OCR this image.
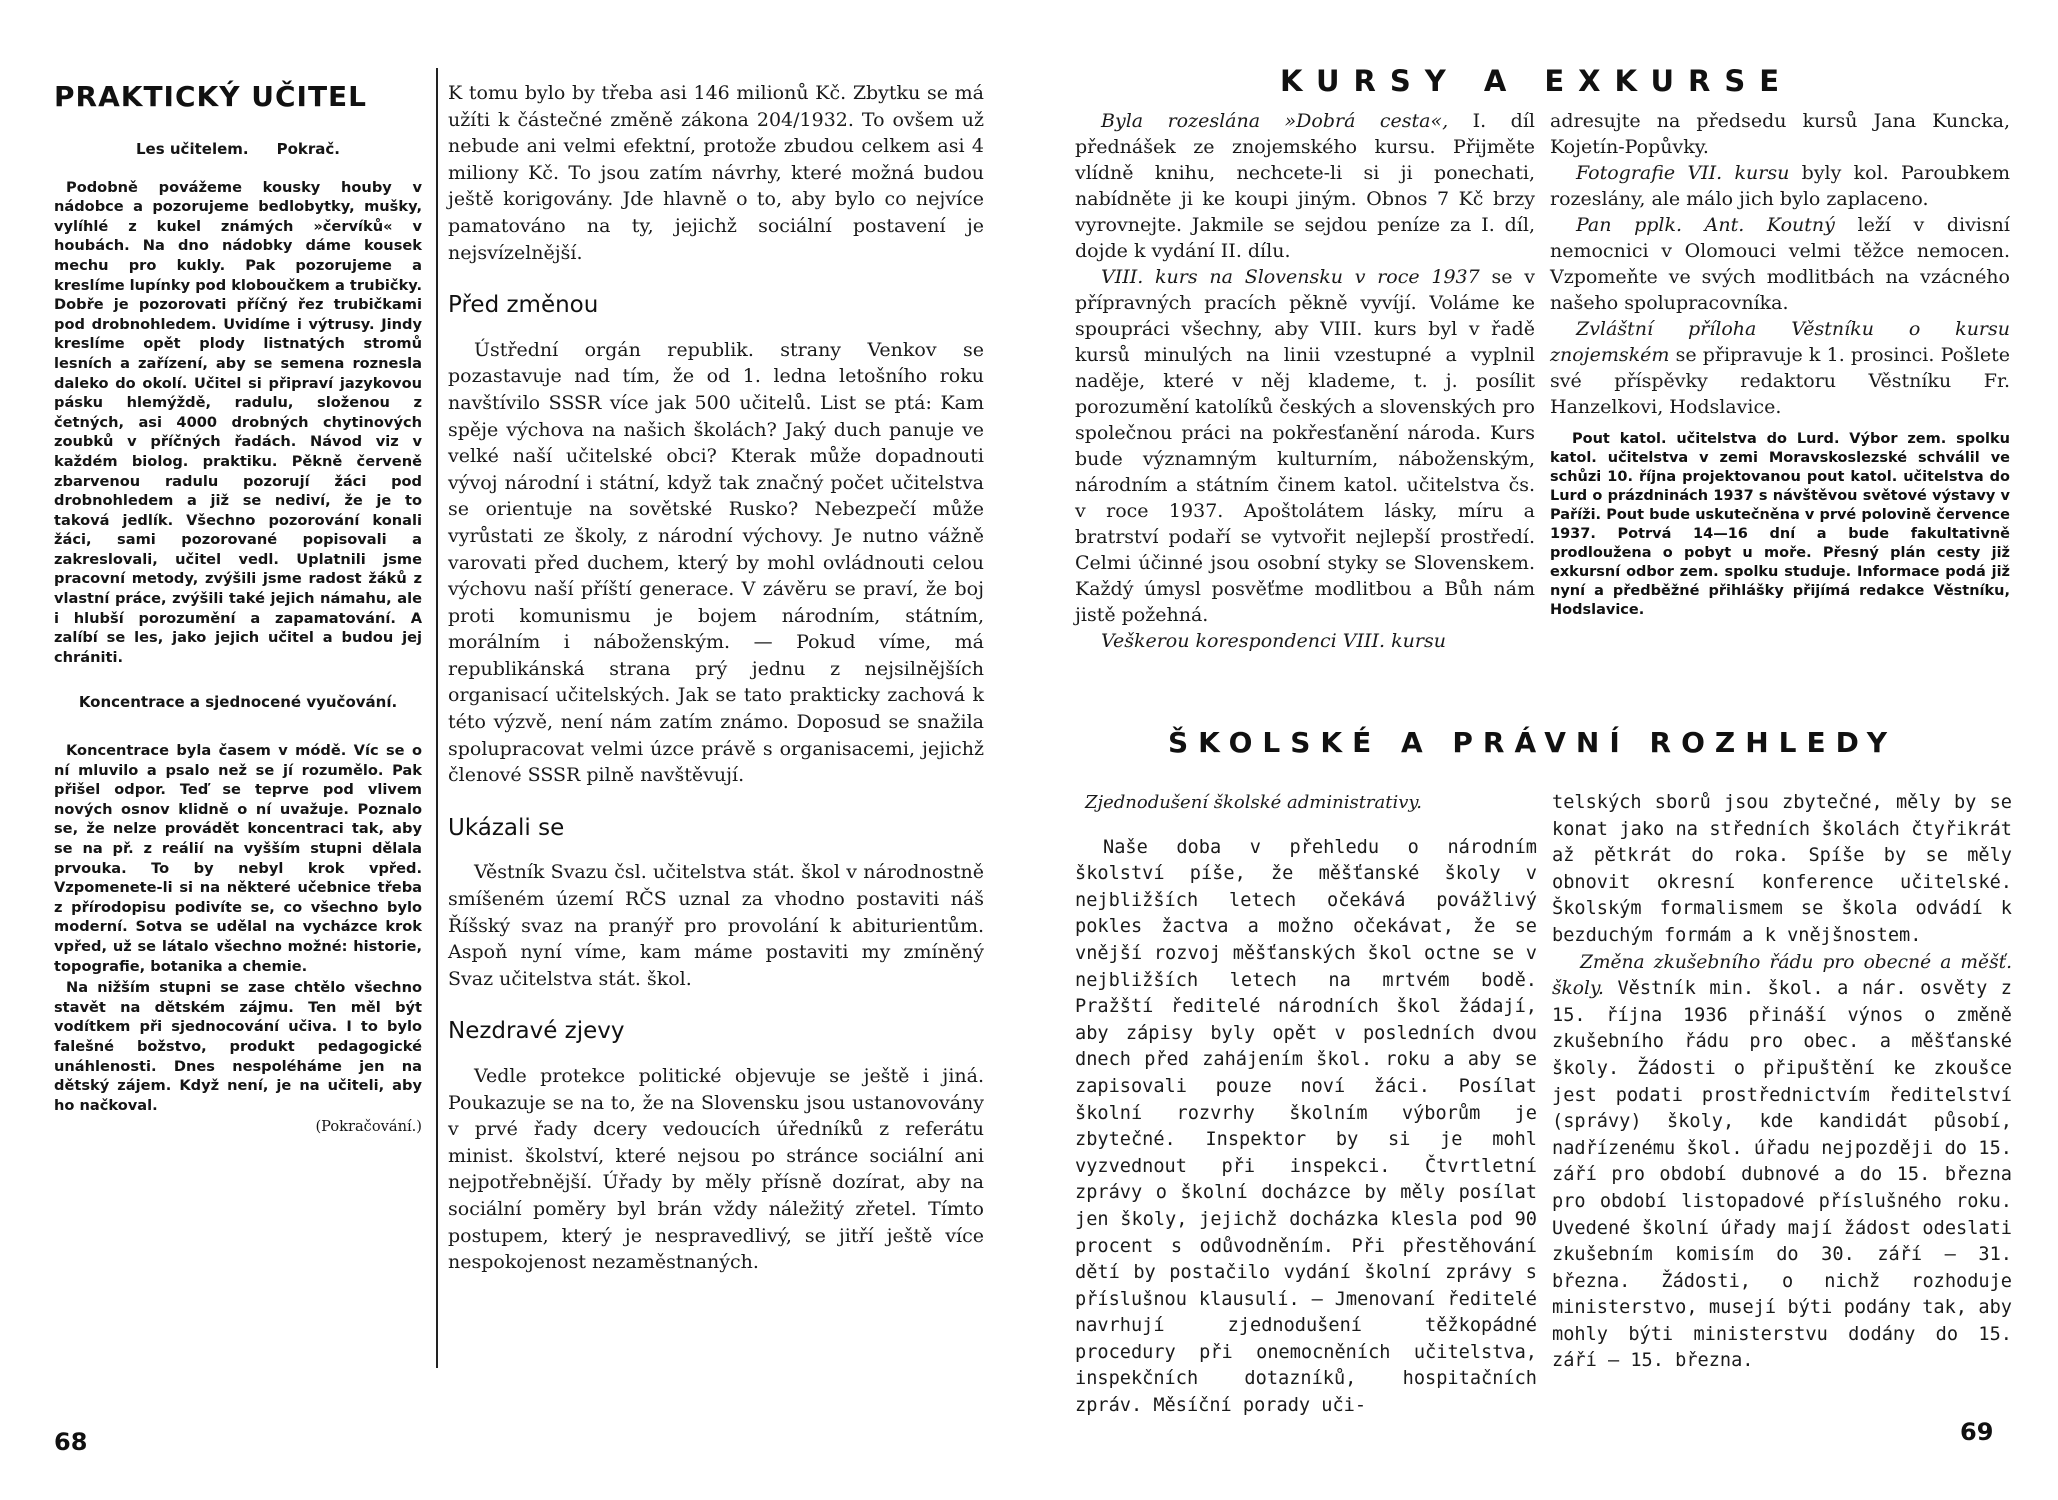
PRAKTICKÝ UČITEL
Les učitelem. Pokrač.

Podobně povážeme kousky houby v nádobce a pozorujeme bedlobytky, mušky, vylíhlé z kukel známých »červíků« v houbách. Na dno nádobky dáme kousek mechu pro kukly. Pak pozorujeme a kreslíme lupínky pod kloboučkem a trubičky. Dobře je pozorovati příčný řez trubičkami pod drobnohledem. Uvidíme i výtrusy. Jindy kreslíme opět plody listnatých stromů lesních a zařízení, aby se semena roznesla daleko do okolí. Učitel si připraví jazykovou pásku hlemýždě, radulu, složenou z četných, asi 4000 drobných chytinových zoubků v příčných řadách. Návod viz v každém biolog. praktiku. Pěkně červeně zbarvenou radulu pozorují žáci pod drobnohledem a již se nediví, že je to taková jedlík. Všechno pozorování konali žáci, sami pozorované popisovali a zakreslovali, učitel vedl. Uplatnili jsme pracovní metody, zvýšili jsme radost žáků z vlastní práce, zvýšili také jejich námahu, ale i hlubší porozumění a zapamatování. A zalíbí se les, jako jejich učitel a budou jej chrániti.

Koncentrace a sjednocené vyučování.

Koncentrace byla časem v módě. Víc se o ní mluvilo a psalo než se jí rozumělo. Pak přišel odpor. Teď se teprve pod vlivem nových osnov klidně o ní uvažuje. Poznalo se, že nelze provádět koncentraci tak, aby se na př. z reálií na vyšším stupni dělala prvouka. To by nebyl krok vpřed. Vzpomenete-li si na některé učebnice třeba z přírodopisu podivíte se, co všechno bylo moderní. Sotva se udělal na vycházce krok vpřed, už se látalo všechno možné: historie, topografie, botanika a chemie.

Na nižším stupni se zase chtělo všechno stavět na dětském zájmu. Ten měl být vodítkem při sjednocování učiva. I to bylo falešné božstvo, produkt pedagogické unáhlenosti. Dnes nespoléháme jen na dětský zájem. Když není, je na učiteli, aby ho načkoval.

(Pokračování.)

K tomu bylo by třeba asi 146 milionů Kč. Zbytku se má užíti k částečné změně zákona 204/1932. To ovšem už nebude ani velmi efektní, protože zbudou celkem asi 4 miliony Kč. To jsou zatím návrhy, které možná budou ještě korigovány. Jde hlavně o to, aby bylo co nejvíce pamatováno na ty, jejichž sociální postavení je nejsvízelnější.

Před změnou

Ústřední orgán republik. strany Venkov se pozastavuje nad tím, že od 1. ledna letošního roku navštívilo SSSR více jak 500 učitelů. List se ptá: Kam spěje výchova na našich školách? Jaký duch panuje ve velké naší učitelské obci? Kterak může dopadnouti vývoj národní i státní, když tak značný počet učitelstva se orientuje na sovětské Rusko? Nebezpečí může vyrůstati ze školy, z národní výchovy. Je nutno vážně varovati před duchem, který by mohl ovládnouti celou výchovu naší příští generace. V závěru se praví, že boj proti komunismu je bojem národním, státním, morálním i náboženským. — Pokud víme, má republikánská strana prý jednu z nejsilnějších organisací učitelských. Jak se tato prakticky zachová k této výzvě, není nám zatím známo. Doposud se snažila spolupracovat velmi úzce právě s organisacemi, jejichž členové SSSR pilně navštěvují.

Ukázali se

Věstník Svazu čsl. učitelstva stát. škol v národnostně smíšeném území RČS uznal za vhodno postaviti náš Říšský svaz na pranýř pro provolání k abiturientům. Aspoň nyní víme, kam máme postaviti my zmíněný Svaz učitelstva stát. škol.

Nezdravé zjevy

Vedle protekce politické objevuje se ještě i jiná. Poukazuje se na to, že na Slovensku jsou ustanovovány v prvé řady dcery vedoucích úředníků z referátu minist. školství, které nejsou po stránce sociální ani nejpotřebnější. Úřady by měly přísně dozírat, aby na sociální poměry byl brán vždy náležitý zřetel. Tímto postupem, který je nespravedlivý, se jitří ještě více nespokojenost nezaměstnaných.

68
KURSY A EXKURSE

Byla rozeslána »Dobrá cesta«, I. díl přednášek ze znojemského kursu. Přijměte vlídně knihu, nechcete-li si ji ponechati, nabídněte ji ke koupi jiným. Obnos 7 Kč brzy vyrovnejte. Jakmile se sejdou peníze za I. díl, dojde k vydání II. dílu.

VIII. kurs na Slovensku v roce 1937 se v přípravných pracích pěkně vyvíjí. Voláme ke spoupráci všechny, aby VIII. kurs byl v řadě kursů minulých na linii vzestupné a vyplnil naděje, které v něj klademe, t. j. posílit porozumění katolíků českých a slovenských pro společnou práci na pokřesťanění národa. Kurs bude významným kulturním, náboženským, národním a státním činem katol. učitelstva čs. v roce 1937. Apoštolátem lásky, míru a bratrství podaří se vytvořit nejlepší prostředí. Celmi účinné jsou osobní styky se Slovenskem. Každý úmysl posvěťme modlitbou a Bůh nám jistě požehná.

Veškerou korespondenci VIII. kursu

adresujte na předsedu kursů Jana Kuncka, Kojetín-Popůvky.

Fotografie VII. kursu byly kol. Paroubkem rozeslány, ale málo jich bylo zaplaceno.

Pan pplk. Ant. Koutný leží v divisní nemocnici v Olomouci velmi těžce nemocen. Vzpomeňte ve svých modlitbách na vzácného našeho spolupracovníka.

Zvláštní příloha Věstníku o kursu znojemském se připravuje k 1. prosinci. Pošlete své příspěvky redaktoru Věstníku Fr. Hanzelkovi, Hodslavice.

Pout katol. učitelstva do Lurd. Výbor zem. spolku katol. učitelstva v zemi Moravskoslezské schválil ve schůzi 10. října projektovanou pout katol. učitelstva do Lurd o prázdninách 1937 s návštěvou světové výstavy v Paříži. Pout bude uskutečněna v prvé polovině července 1937. Potrvá 14—16 dní a bude fakultativně prodloužena o pobyt u moře. Přesný plán cesty již exkursní odbor zem. spolku studuje. Informace podá již nyní a předběžné přihlášky přijímá redakce Věstníku, Hodslavice.

ŠKOLSKÉ A PRÁVNÍ ROZHLEDY
Zjednodušení školské administrativy.

Naše doba v přehledu o národním školství píše, že měšťanské školy v nejbližších letech očekává povážlivý pokles žactva a možno očekávat, že se vnější rozvoj měšťanských škol octne se v nejbližších letech na mrtvém bodě. Pražští ředitelé národních škol žádají, aby zápisy byly opět v posledních dvou dnech před zahájením škol. roku a aby se zapisovali pouze noví žáci. Posílat školní rozvrhy školním výborům je zbytečné. Inspektor by si je mohl vyzvednout při inspekci. Čtvrtletní zprávy o školní docházce by měly posílat jen školy, jejichž docházka klesla pod 90 procent s odůvodněním. Při přestěhování dětí by postačilo vydání školní zprávy s příslušnou klausulí. — Jmenovaní ředitelé navrhují zjednodušení těžkopádné procedury při onemocněních učitelstva, inspekčních dotazníků, hospitačních zpráv. Měsíční porady uči-

telských sborů jsou zbytečné, měly by se konat jako na středních školách čtyřikrát až pětkrát do roka. Spíše by se měly obnovit okresní konference učitelské. Školským formalismem se škola odvádí k bezduchým formám a k vnějšnostem.

Změna zkušebního řádu pro obecné a měšť. školy. Věstník min. škol. a nár. osvěty z 15. října 1936 přináší výnos o změně zkušebního řádu pro obec. a měšťanské školy. Žádosti o připuštění ke zkoušce jest podati prostřednictvím ředitelství (správy) školy, kde kandidát působí, nadřízenému škol. úřadu nejpozději do 15. září pro období dubnové a do 15. března pro období listopadové příslušného roku. Uvedené školní úřady mají žádost odeslati zkušebním komisím do 30. září — 31. března. Žádosti, o nichž rozhoduje ministerstvo, musejí býti podány tak, aby mohly býti ministerstvu dodány do 15. září — 15. března.

69
